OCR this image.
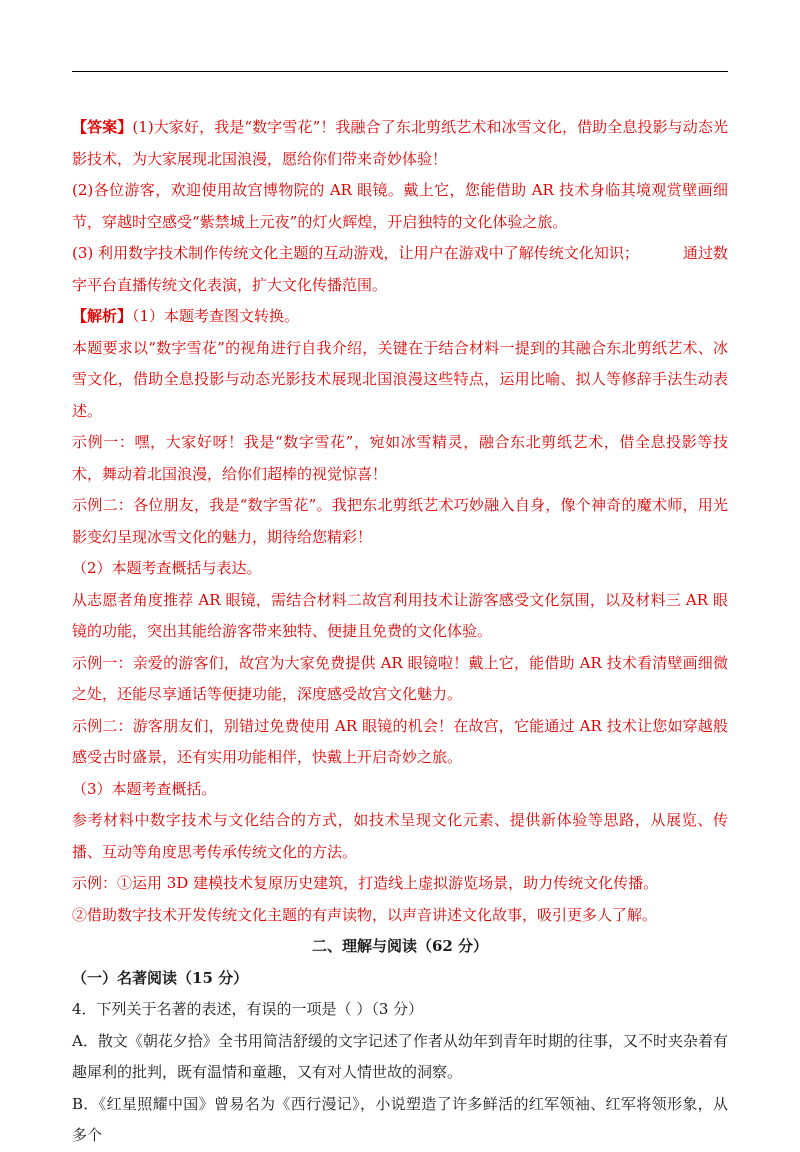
【答案】(1)大家好，我是“数字雪花”！我融合了东北剪纸艺术和冰雪文化，借助全息投影与动态光影技术，为大家展现北国浪漫，愿给你们带来奇妙体验！

(2)各位游客，欢迎使用故宫博物院的 AR 眼镜。戴上它，您能借助 AR 技术身临其境观赏壁画细节，穿越时空感受“紫禁城上元夜”的灯火辉煌，开启独特的文化体验之旅。

(3) 利用数字技术制作传统文化主题的互动游戏，让用户在游戏中了解传统文化知识；	通过数字平台直播传统文化表演，扩大文化传播范围。

【解析】（1）本题考查图文转换。

本题要求以“数字雪花”的视角进行自我介绍，关键在于结合材料一提到的其融合东北剪纸艺术、冰雪文化，借助全息投影与动态光影技术展现北国浪漫这些特点，运用比喻、拟人等修辞手法生动表述。

示例一：嘿，大家好呀！我是“数字雪花”，宛如冰雪精灵，融合东北剪纸艺术，借全息投影等技术，舞动着北国浪漫，给你们超棒的视觉惊喜！

示例二：各位朋友，我是“数字雪花”。我把东北剪纸艺术巧妙融入自身，像个神奇的魔术师，用光影变幻呈现冰雪文化的魅力，期待给您精彩！

（2）本题考查概括与表达。

从志愿者角度推荐 AR 眼镜，需结合材料二故宫利用技术让游客感受文化氛围，以及材料三 AR 眼镜的功能，突出其能给游客带来独特、便捷且免费的文化体验。

示例一：亲爱的游客们，故宫为大家免费提供 AR 眼镜啦！戴上它，能借助 AR 技术看清壁画细微之处，还能尽享通话等便捷功能，深度感受故宫文化魅力。

示例二：游客朋友们，别错过免费使用 AR 眼镜的机会！在故宫，它能通过 AR 技术让您如穿越般感受古时盛景，还有实用功能相伴，快戴上开启奇妙之旅。

（3）本题考查概括。

参考材料中数字技术与文化结合的方式，如技术呈现文化元素、提供新体验等思路，从展览、传播、互动等角度思考传承传统文化的方法。

示例：①运用 3D 建模技术复原历史建筑，打造线上虚拟游览场景，助力传统文化传播。

②借助数字技术开发传统文化主题的有声读物，以声音讲述文化故事，吸引更多人了解。

二、理解与阅读（62 分）

（一）名著阅读（15 分）

4．下列关于名著的表述，有误的一项是（ ）（3 分）

A．散文《朝花夕拾》全书用简洁舒缓的文字记述了作者从幼年到青年时期的往事，又不时夹杂着有趣犀利的批判，既有温情和童趣，又有对人情世故的洞察。

B．《红星照耀中国》曾易名为《西行漫记》，小说塑造了许多鲜活的红军领袖、红军将领形象，从多个
